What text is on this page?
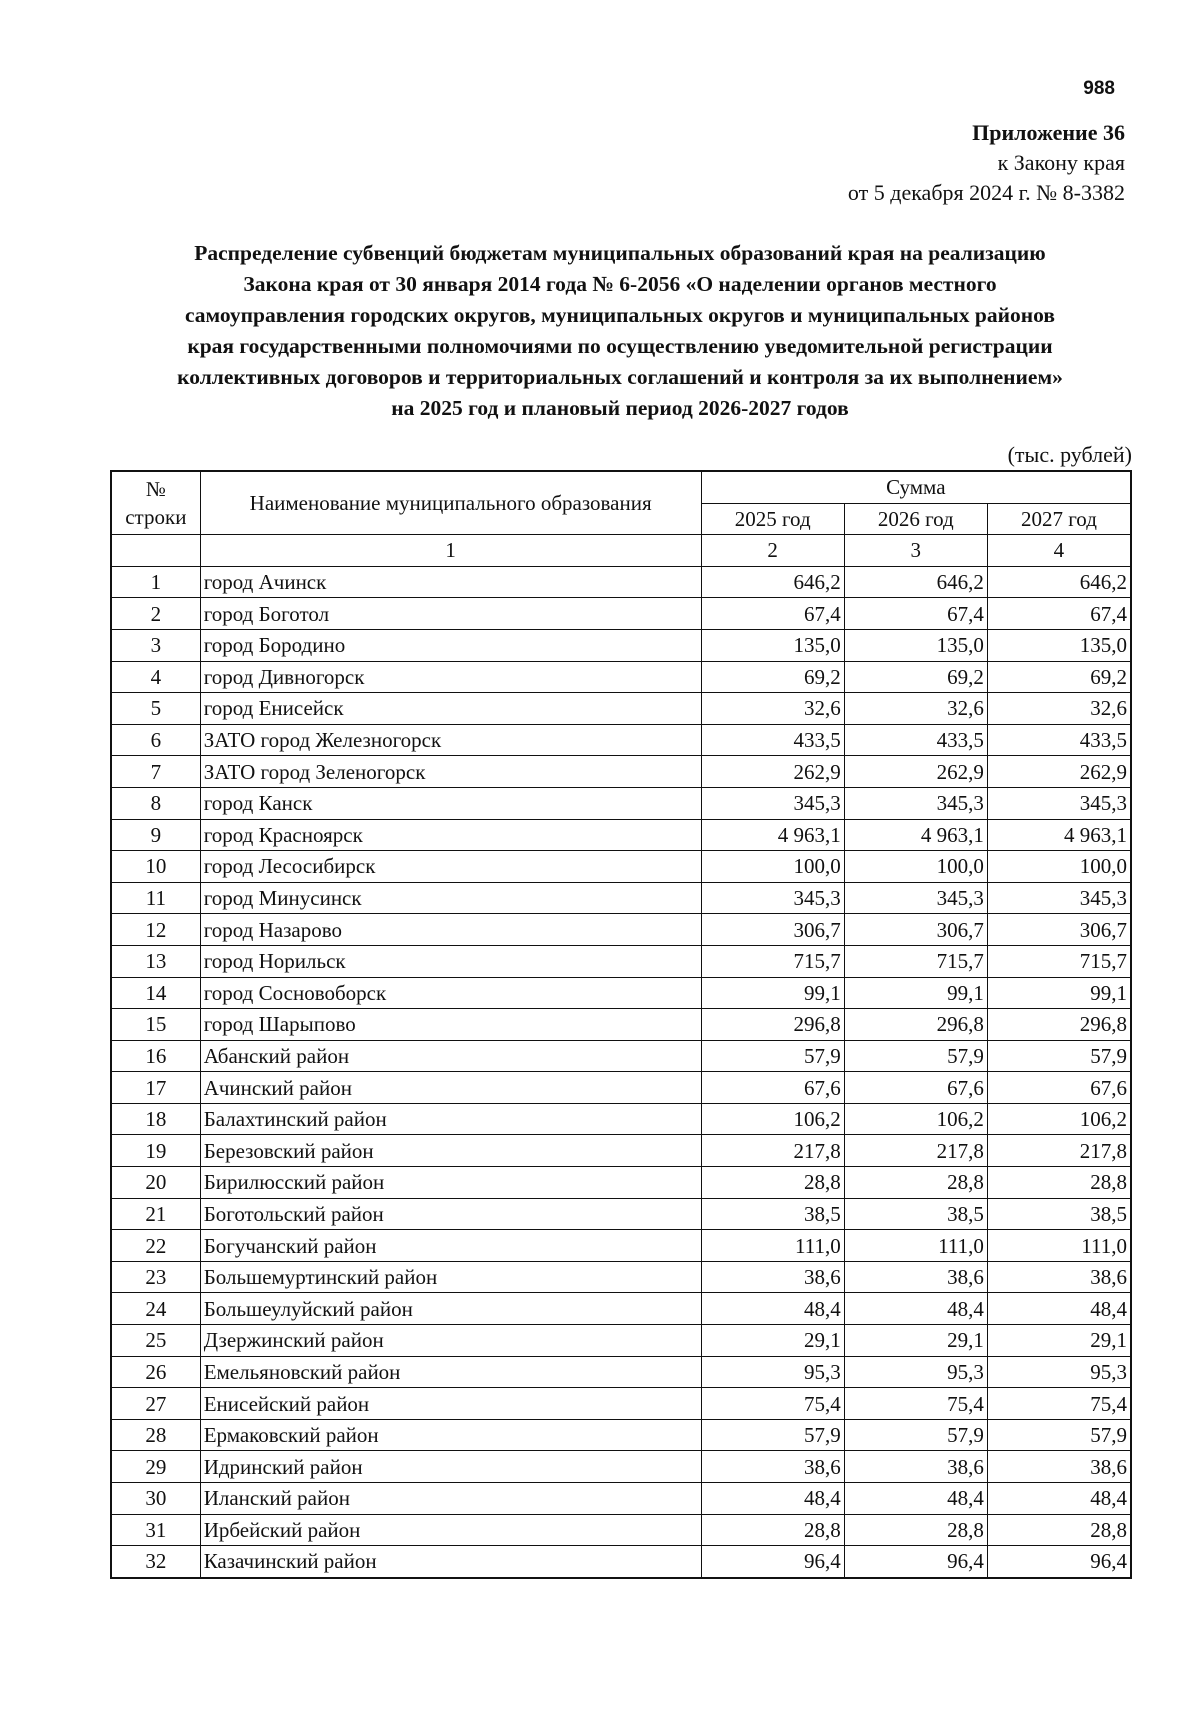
988
Приложение 36
к Закону края
от 5 декабря 2024 г. № 8-3382
Распределение субвенций бюджетам муниципальных образований края на реализацию
Закона края от 30 января 2014 года № 6-2056 «О наделении органов местного
самоуправления городских округов, муниципальных округов и муниципальных районов
края государственными полномочиями по осуществлению уведомительной регистрации
коллективных договоров и территориальных соглашений и контроля за их выполнением»
на 2025 год и плановый период 2026-2027 годов
(тыс. рублей)
№ строки	Наименование муниципального образования	Сумма		
		2025 год	2026 год	2027 год
	1	2	3	4
1	город Ачинск	646,2	646,2	646,2
2	город Боготол	67,4	67,4	67,4
3	город Бородино	135,0	135,0	135,0
4	город Дивногорск	69,2	69,2	69,2
5	город Енисейск	32,6	32,6	32,6
6	ЗАТО город Железногорск	433,5	433,5	433,5
7	ЗАТО город Зеленогорск	262,9	262,9	262,9
8	город Канск	345,3	345,3	345,3
9	город Красноярск	4 963,1	4 963,1	4 963,1
10	город Лесосибирск	100,0	100,0	100,0
11	город Минусинск	345,3	345,3	345,3
12	город Назарово	306,7	306,7	306,7
13	город Норильск	715,7	715,7	715,7
14	город Сосновоборск	99,1	99,1	99,1
15	город Шарыпово	296,8	296,8	296,8
16	Абанский район	57,9	57,9	57,9
17	Ачинский район	67,6	67,6	67,6
18	Балахтинский район	106,2	106,2	106,2
19	Березовский район	217,8	217,8	217,8
20	Бирилюсский район	28,8	28,8	28,8
21	Боготольский район	38,5	38,5	38,5
22	Богучанский район	111,0	111,0	111,0
23	Большемуртинский район	38,6	38,6	38,6
24	Большеулуйский район	48,4	48,4	48,4
25	Дзержинский район	29,1	29,1	29,1
26	Емельяновский район	95,3	95,3	95,3
27	Енисейский район	75,4	75,4	75,4
28	Ермаковский район	57,9	57,9	57,9
29	Идринский район	38,6	38,6	38,6
30	Иланский район	48,4	48,4	48,4
31	Ирбейский район	28,8	28,8	28,8
32	Казачинский район	96,4	96,4	96,4
